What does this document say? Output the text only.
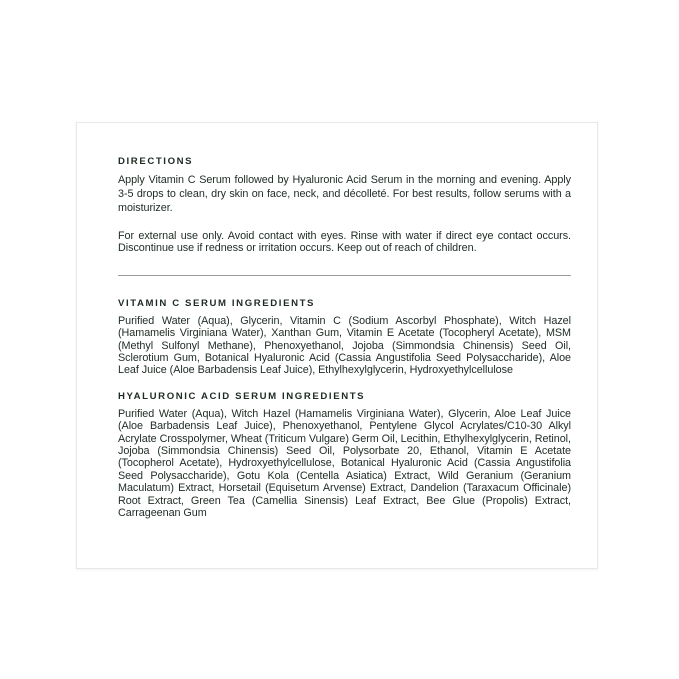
DIRECTIONS

Apply Vitamin C Serum followed by Hyaluronic Acid Serum in the morning and evening. Apply 3-5 drops to clean, dry skin on face, neck, and décolleté. For best results, follow serums with a moisturizer.

For external use only. Avoid contact with eyes. Rinse with water if direct eye contact occurs. Discontinue use if redness or irritation occurs. Keep out of reach of children.

VITAMIN C SERUM INGREDIENTS

Purified Water (Aqua), Glycerin, Vitamin C (Sodium Ascorbyl Phosphate), Witch Hazel (Hamamelis Virginiana Water), Xanthan Gum, Vitamin E Acetate (Tocopheryl Acetate), MSM (Methyl Sulfonyl Methane), Phenoxyethanol, Jojoba (Simmondsia Chinensis) Seed Oil, Sclerotium Gum, Botanical Hyaluronic Acid (Cassia Angustifolia Seed Polysaccharide), Aloe Leaf Juice (Aloe Barbadensis Leaf Juice), Ethylhexylglycerin, Hydroxyethylcellulose

HYALURONIC ACID SERUM INGREDIENTS

Purified Water (Aqua), Witch Hazel (Hamamelis Virginiana Water), Glycerin, Aloe Leaf Juice (Aloe Barbadensis Leaf Juice), Phenoxyethanol, Pentylene Glycol Acrylates/C10-30 Alkyl Acrylate Crosspolymer, Wheat (Triticum Vulgare) Germ Oil, Lecithin, Ethylhexylglycerin, Retinol, Jojoba (Simmondsia Chinensis) Seed Oil, Polysorbate 20, Ethanol, Vitamin E Acetate (Tocopherol Acetate), Hydroxyethylcellulose, Botanical Hyaluronic Acid (Cassia Angustifolia Seed Polysaccharide), Gotu Kola (Centella Asiatica) Extract, Wild Geranium (Geranium Maculatum) Extract, Horsetail (Equisetum Arvense) Extract, Dandelion (Taraxacum Officinale) Root Extract, Green Tea (Camellia Sinensis) Leaf Extract, Bee Glue (Propolis) Extract, Carrageenan Gum
